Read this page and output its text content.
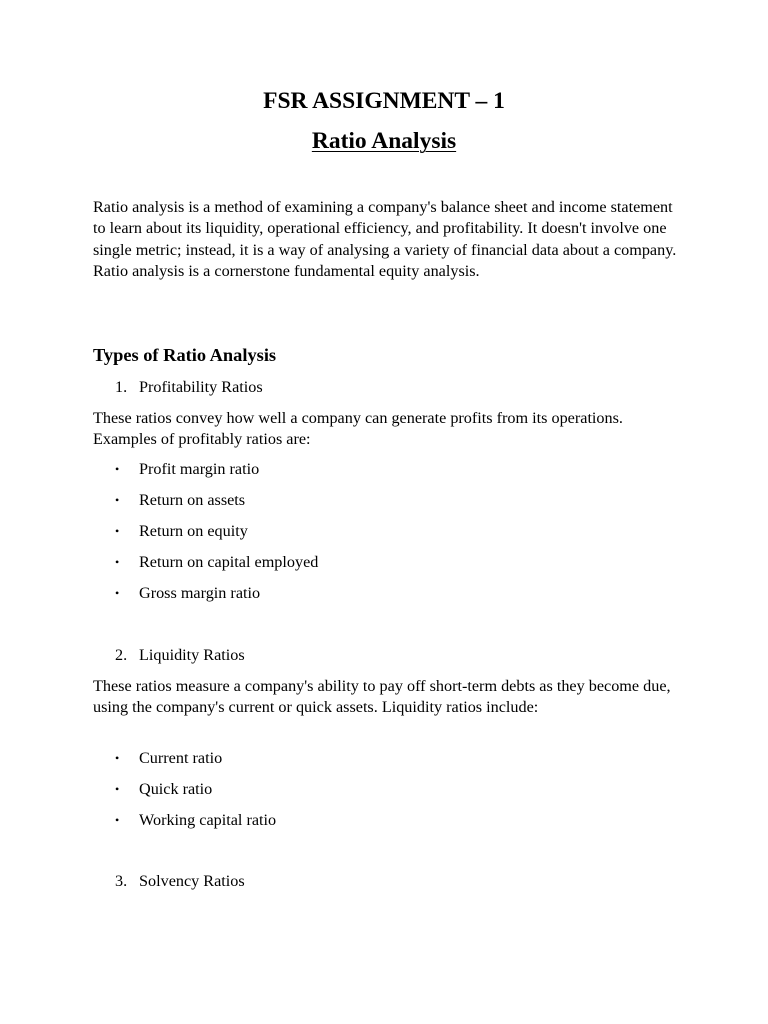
FSR ASSIGNMENT – 1
Ratio Analysis

Ratio analysis is a method of examining a company's balance sheet and income statement to learn about its liquidity, operational efficiency, and profitability. It doesn't involve one single metric; instead, it is a way of analysing a variety of financial data about a company. Ratio analysis is a cornerstone fundamental equity analysis.

Types of Ratio Analysis
1. Profitability Ratios

These ratios convey how well a company can generate profits from its operations. Examples of profitably ratios are:

• Profit margin ratio
• Return on assets
• Return on equity
• Return on capital employed
• Gross margin ratio
2. Liquidity Ratios

These ratios measure a company's ability to pay off short-term debts as they become due, using the company's current or quick assets. Liquidity ratios include:

• Current ratio
• Quick ratio
• Working capital ratio
3. Solvency Ratios
